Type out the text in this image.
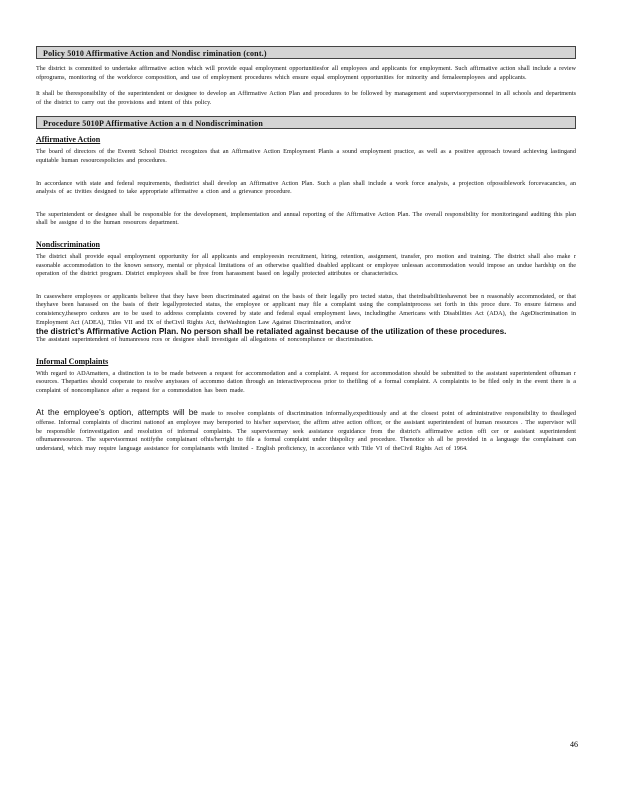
Policy 5010 Affirmative Action and Nondisc rimination (cont.)

The district is committed to undertake affirmative action which will provide equal employment opportunitiesfor all employees and applicants for employment. Such affirmative action shall include a review ofprograms, monitoring of the workforce composition, and use of employment procedures which ensure equal employment opportunities for minority and femaleemployees and applicants.

It shall be theresponsibility of the superintendent or designee to develop an Affirmative Action Plan and procedures to be followed by management and supervisorypersonnel in all schools and departments of the district to carry out the provisions and intent of this policy.

Procedure 5010P Affirmative Action a n d Nondiscrimination
Affirmative Action

The board of directors of the Everett School District recognizes that an Affirmative Action Employment Planis a sound employment practice, as well as a positive approach toward achieving lastingand equitable human resourcespolicies and procedures.

In accordance with state and federal requirements, thedistrict shall develop an Affirmative Action Plan. Such a plan shall include a work force analysis, a projection ofpossiblework forcevacancies, an analysis of ac tivities designed to take appropriate affirmative a ction and a grievance procedure.

The superintendent or designee shall be responsible for the development, implementation and annual reporting of the Affirmative Action Plan. The overall responsibility for monitoringand auditing this plan shall be assigne d to the human resources department.

Nondiscrimination

The district shall provide equal employment opportunity for all applicants and employeesin recruitment, hiring, retention, assignment, transfer, pro motion and training. The district shall also make r easonable accommodation to the known sensory, mental or physical limitations of an otherwise qualified disabled applicant or employee unlessan accommodation would impose an undue hardship on the operation of the district program. District employees shall be free from harassment based on legally protected attributes or characteristics.

In caseswhere employees or applicants believe that they have been discriminated against on the basis of their legally pro tected status, that theirdisabilitieshavenot bee n reasonably accommodated, or that theyhave been harassed on the basis of their legallyprotected status, the employee or applicant may file a complaint using the complaintprocess set forth in this proce dure. To ensure fairness and consistency,thesepro cedures are to be used to address complaints covered by state and federal equal employment laws, includingthe Americans with Disabilities Act (ADA), the AgeDiscrimination in Employment Act (ADEA), Titles VII and IX of theCivil Rights Act, theWashington Law Against Discrimination, and/or

the district’s Affirmative Action Plan. No person shall be retaliated against because of the utilization of these procedures.

The assistant superintendent of humanresou rces or designee shall investigate all allegations of noncompliance or discrimination.

Informal Complaints

With regard to ADAmatters, a distinction is to be made between a request for accommodation and a complaint. A request for accommodation should be submitted to the assistant superintendent ofhuman r esources. Theparties should cooperate to resolve anyissues of accommo dation through an interactiveprocess prior to thefiling of a formal complaint. A complaintis to be filed only in the event there is a complaint of noncompliance after a request for a commodation has been made.

At the employee’s option, attempts will be made to resolve complaints of discrimination informally,expeditiously and at the closest point of administrative responsibility to thealleged offense. Informal complaints of discrimi nationof an employee may bereported to his/her supervisor, the affirm ative action officer, or the assistant superintendent of human resources . The supervisor will be responsible forinvestigation and resolution of informal complaints. The supervisormay seek assistance orguidance from the district's affirmative action offi cer or assistant superintendent ofhumanresources. The supervisormust notifythe complainant ofhis/herright to file a formal complaint under thispolicy and procedure. Thenotice sh all be provided in a language the complainant can understand, which may require language assistance for complainants with limited - English proficiency, in accordance with Title VI of theCivil Rights Act of 1964.

46
